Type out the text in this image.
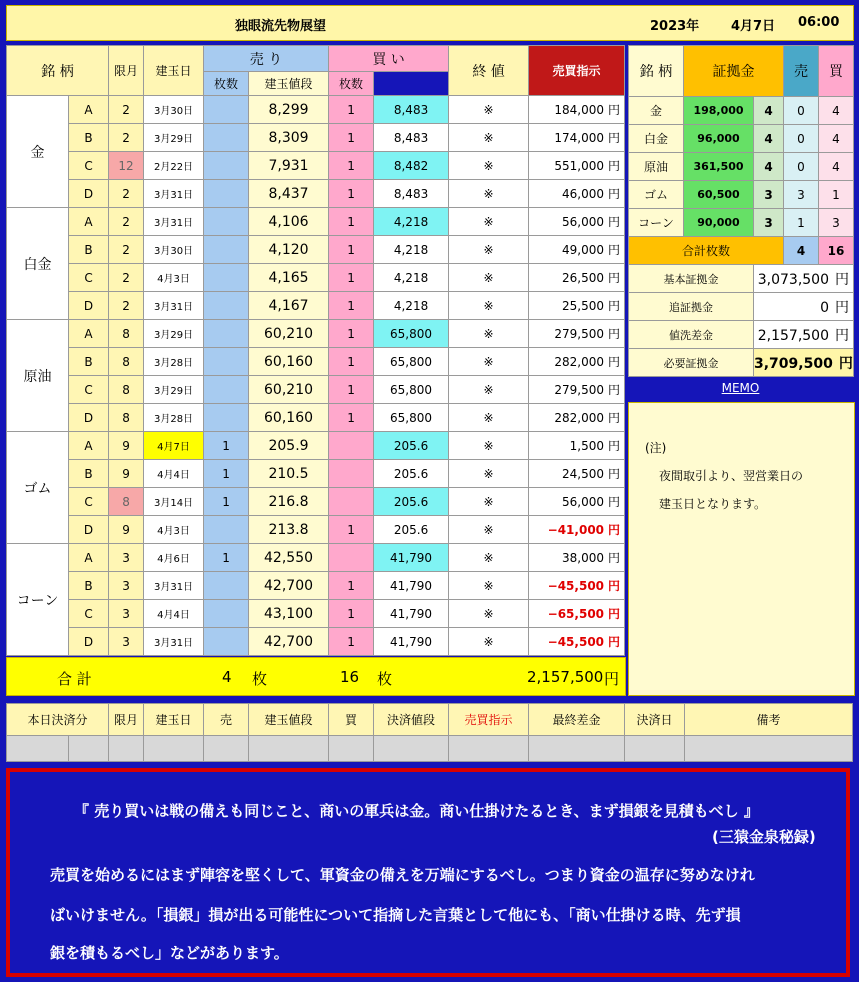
独眼流先物展望	2023年 4月7日 06:00
銘 柄		限月	建玉日	売 り		買 い		終 値	売買指示	
				枚数	建玉値段	枚数				
金	A	2	3月30日		8,299	1	8,483	※	184,000 円	
	B	2	3月29日		8,309	1	8,483	※	174,000 円	
	C	12	2月22日		7,931	1	8,482	※	551,000 円	
	D	2	3月31日		8,437	1	8,483	※	46,000 円	
白金	A	2	3月31日		4,106	1	4,218	※	56,000 円	
	B	2	3月30日		4,120	1	4,218	※	49,000 円	
	C	2	4月3日		4,165	1	4,218	※	26,500 円	
	D	2	3月31日		4,167	1	4,218	※	25,500 円	
原油	A	8	3月29日		60,210	1	65,800	※	279,500 円	
	B	8	3月28日		60,160	1	65,800	※	282,000 円	
	C	8	3月29日		60,210	1	65,800	※	279,500 円	
	D	8	3月28日		60,160	1	65,800	※	282,000 円	
ゴム	A	9	4月7日	1	205.9		205.6	※	1,500 円	
	B	9	4月4日	1	210.5		205.6	※	24,500 円	
	C	8	3月14日	1	216.8		205.6	※	56,000 円	
	D	9	4月3日		213.8	1	205.6	※	−41,000 円	
コーン	A	3	4月6日	1	42,550		41,790	※	38,000 円	
	B	3	3月31日		42,700	1	41,790	※	−45,500 円	
	C	3	4月4日		43,100	1	41,790	※	−65,500 円	
	D	3	3月31日		42,700	1	41,790	※	−45,500 円	
合 計	4 枚	16 枚	2,157,500 円
銘 柄	証拠金		売	買
金	198,000	4	0	4
白金	96,000	4	0	4
原油	361,500	4	0	4
ゴム	60,500	3	3	1
コーン	90,000	3	1	3
合計枚数			4	16
基本証拠金		3,073,500 円		
追証拠金		0 円		
値洗差金		2,157,500 円		
必要証拠金		3,709,500 円		
MEMO
(注)
夜間取引より、翌営業日の
建玉日となります。
本日決済分		限月	建玉日	売	建玉値段	買	決済値段	売買指示	最終差金	決済日	備考

『 売り買いは戦の備えも同じこと、商いの軍兵は金。商い仕掛けたるとき、まず損銀を見積もべし 』
(三猿金泉秘録)
売買を始めるにはまず陣容を堅くして、軍資金の備えを万端にするべし。つまり資金の温存に努めなけれ
ばいけません。「損銀」損が出る可能性について指摘した言葉として他にも、「商い仕掛ける時、先ず損
銀を積もるべし」などがあります。
